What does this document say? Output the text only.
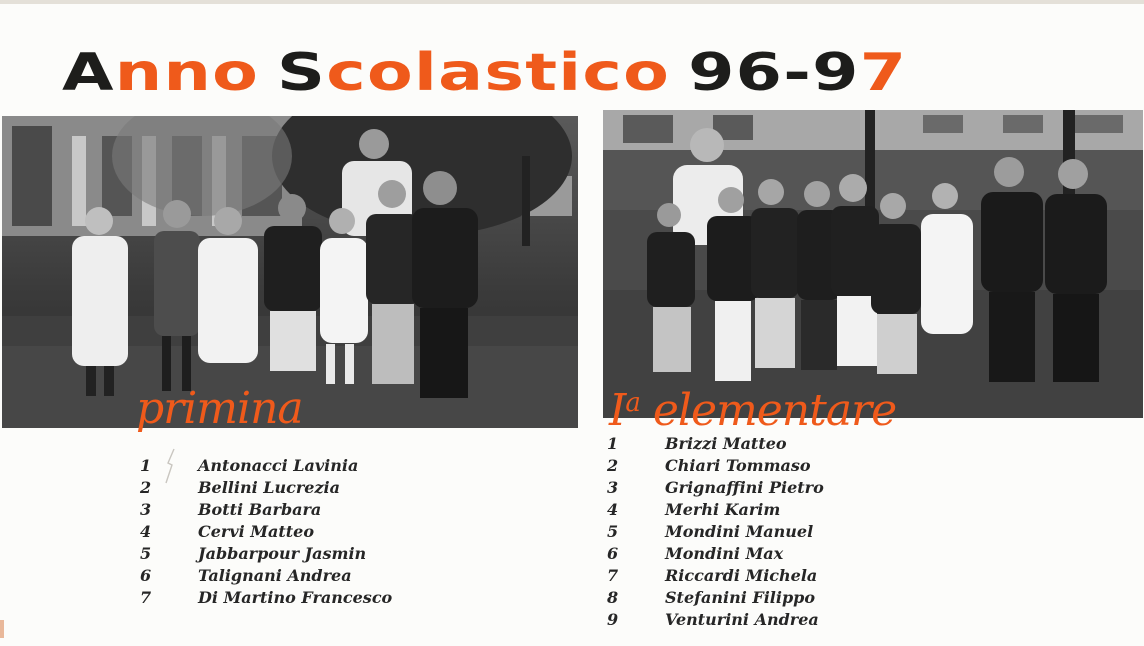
Anno Scolastico 96-97
primina	$I^a$ elementare
1	Antonacci Lavinia
2	Bellini Lucrezia
3	Botti Barbara
4	Cervi Matteo
5	Jabbarpour Jasmin
6	Talignani Andrea
7	Di Martino Francesco
1	Brizzi Matteo
2	Chiari Tommaso
3	Grignaffini Pietro
4	Merhi Karim
5	Mondini Manuel
6	Mondini Max
7	Riccardi Michela
8	Stefanini Filippo
9	Venturini Andrea
